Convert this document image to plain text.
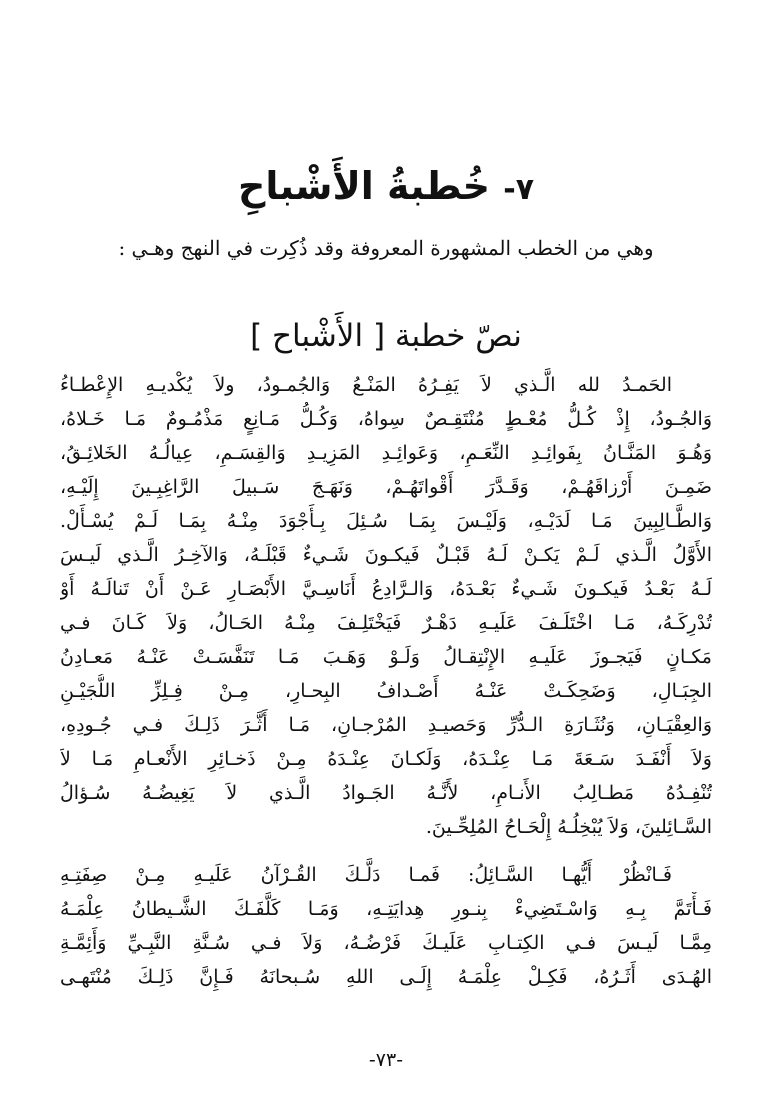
٧- خُطبةُ الأَشْباحِ

وهي من الخطب المشهورة المعروفة وقد ذُكِرت في النهج وهـي :

نصّ خطبة [ الأَشْباح ]
الحَمـدُ لله الَّـذي لاَ يَفِـرُهُ المَنْـعُ وَالجُمـودُ، ولاَ يُكْديـهِ الإِعْطـاءُ
وَالجُـودُ، إِذْ كُـلُّ مُعْـطٍ مُنْتَقِـصٌ سِواهُ، وَكُـلُّ مَـانِعٍ مَذْمُـومٌ مَـا خَـلاهُ،
وَهُـوَ المَنَّـانُ بِفَوائِـدِ النِّعَـمِ، وَعَوائِـدِ المَزِيـدِ وَالقِسَـمِ، عِيالُـهُ الخَلائِـقُ،
ضَمِـنَ أَرْزاقَهُـمْ، وَقَـدَّرَ أَقْواتَهُـمْ، وَنَهَـجَ سَـبيلَ الرَّاغِبِـينَ إِلَيْـهِ،
وَالطَّـالِبِينَ مَـا لَدَيْـهِ، وَلَيْـسَ بِمَـا سُـئِلَ بِـأَجْوَدَ مِنْـهُ بِمَـا لَـمْ يُسْـأَلْ.
الأَوَّلُ الَّـذي لَـمْ يَكـنْ لَـهُ قَبْـلٌ فَيكـونَ شَـيءٌ قَبْلَـهُ، وَالآخِـرُ الَّـذي لَيـسَ
لَـهُ بَعْـدُ فَيكـونَ شَـيءٌ بَعْـدَهُ، وَالـرَّادِعُ أَنَاسِـيَّ الأَبْصَـارِ عَـنْ أَنْ تَنالَـهُ أَوْ
تُدْرِكَـهُ، مَـا اخْتَلَـفَ عَلَيـهِ دَهْـرٌ فَيَخْتَلِـفَ مِنْـهُ الحَـالُ، وَلاَ كَـانَ فـي
مَكـانٍ فَيَجـوزَ عَلَيـهِ الإِنْتِقـالُ وَلَـوْ وَهَـبَ مَـا تَنَفَّسَـتْ عَنْـهُ مَعـادِنُ
الجِبَـالِ، وَضَحِكَـتْ عَنْـهُ أَصْـدافُ البِحـارِ، مِـنْ فِـلِزِّ اللُّجَيْـنِ
وَالعِقْيَـانِ، وَنُثَـارَةِ الـدُّرِّ وَحَصيـدِ المُرْجـانِ، مَـا أَثَّـرَ ذَلِـكَ فـي جُـودِهِ،
وَلاَ أَنْفَـدَ سَـعَةَ مَـا عِنْـدَهُ، وَلَكـانَ عِنْـدَهُ مِـنْ ذَخـائِرِ الأَنْعـامِ مَـا لاَ
تُنْفِـدُهُ مَطـالِبُ الأَنـامِ، لأَنَّـهُ الجَـوادُ الَّـذي لاَ يَغِيضُـهُ سُـؤالُ
السَّـائِلينَ، وَلاَ يُبْخِلُـهُ إِلْحَـاحُ المُلِحِّـينَ.
فَـانْظُرْ أَيُّهـا السَّـائِلُ: فَمـا دَلَّـكَ القُـرْآنُ عَلَيـهِ مِـنْ صِفَتِـهِ
فَـأْتَمَّ بِـهِ وَاسْـتَضِيءْ بِنـورِ هِدايَتِـهِ، وَمَـا كَلَّفَـكَ الشَّـيطانُ عِلْمَـهُ
مِمَّـا لَيـسَ فـي الكِتـابِ عَلَيـكَ فَرْضُـهُ، وَلاَ فـي سُـنَّةِ النَّبِـيِّ وَأَئِمَّـةِ
الهُـدَى أَثَـرُهُ، فَكِـلْ عِلْمَـهُ إِلَـى اللهِ سُـبحانَهُ فَـإِنَّ ذَلِـكَ مُنْتَهـى
-٧٣-
